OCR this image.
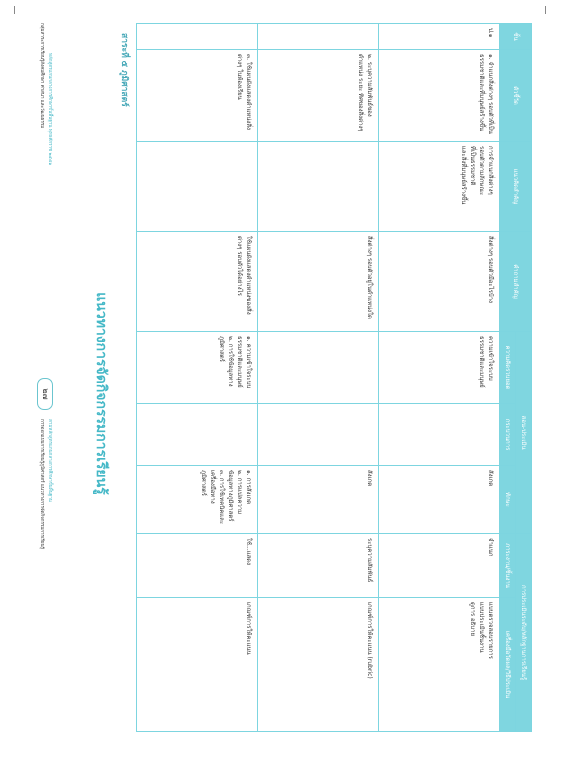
แนวทางการจัดกิจกรรมการเรียนรู้
สาระที่ ๕ ภูมิศาสตร์	ชั้น	ตัวชี้วัด	แนวคิดสำคัญ	คำถามสำคัญ	สอน-ประเมิน			การประเมินระดับ/หลักฐานการเรียนรู้	
				ความคิดรวบยอด	กระบวนการ	ทักษะ	ภาระงาน/ชิ้นงาน	เครื่องมือวัดผล/วิธีประเมิน
ป.๑	๑. จำแนกสิ่งต่างๆ รอบตัวที่เป็นธรรมชาติและที่มนุษย์สร้างขึ้น	การจำแนกสิ่งต่างๆ
รอบตัวตามลักษณะ
ที่เป็นธรรมชาติ
และสิ่งที่มนุษย์สร้างขึ้น	สิ่งต่างๆ รอบตัวมีอะไรบ้าง	ความเข้าใจระบบธรรมชาติและมนุษย์		สังเกต	จำแนก	แบบตรวจสอบรายการ
แบบประเมินชิ้นงาน
ดูการ อธิบาย
	๒. ระบุความสัมพันธ์ของตำแหน่ง ระยะ ทิศของสิ่งต่างๆ		สิ่งต่างๆ รอบตัวอยู่ในตำแหน่งใด			สังเกต	ระบุความสัมพันธ์	เกณฑ์การให้คะแนน (rubric)
	๓. ใช้แผนผังแสดงตำแหน่งสิ่งต่างๆ ในห้องเรียน		ใช้แผนผังแสดงตำแหน่งของสิ่งต่างๆ รอบตัวได้อย่างไร	๑. ความเข้าใจระบบธรรมชาติและมนุษย์
๒. การใช้ข้อมูลทางภูมิศาสตร์		๑. การสังเกต
๒. การแปลความข้อมูลทางภูมิศาสตร์
๓. การใช้เทคนิคและเครื่องมือทางภูมิศาสตร์	ใช้...แสดง	เกณฑ์การให้คะแนน
หลักสูตรแกนกลางการศึกษาขั้นพื้นฐาน พุทธศักราช ๒๕๕๑
กลุ่มสาระการเรียนรู้สังคมศึกษา ศาสนา และวัฒนธรรม
๒๗
ตามหลักสูตรแกนกลางการศึกษาขั้นพื้นฐาน
การออกแบบการเรียนรู้ภูมิศาสตร์ แนวทางการจัดกิจกรรมการเรียนรู้
